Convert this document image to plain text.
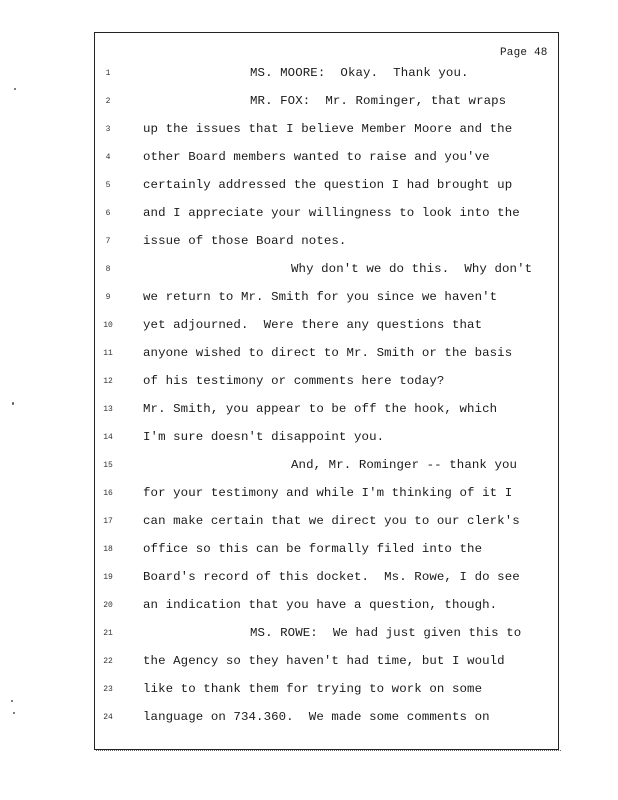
Page 48
1
2
3
4
5
6
7
8
9
10
11
12
13
14
15
16
17
18
19
20
21
22
23
24
MS. MOORE:  Okay.  Thank you.
MR. FOX:  Mr. Rominger, that wraps
up the issues that I believe Member Moore and the
other Board members wanted to raise and you've
certainly addressed the question I had brought up
and I appreciate your willingness to look into the
issue of those Board notes.
Why don't we do this.  Why don't
we return to Mr. Smith for you since we haven't
yet adjourned.  Were there any questions that
anyone wished to direct to Mr. Smith or the basis
of his testimony or comments here today?
Mr. Smith, you appear to be off the hook, which
I'm sure doesn't disappoint you.
And, Mr. Rominger -- thank you
for your testimony and while I'm thinking of it I
can make certain that we direct you to our clerk's
office so this can be formally filed into the
Board's record of this docket.  Ms. Rowe, I do see
an indication that you have a question, though.
MS. ROWE:  We had just given this to
the Agency so they haven't had time, but I would
like to thank them for trying to work on some
language on 734.360.  We made some comments on
